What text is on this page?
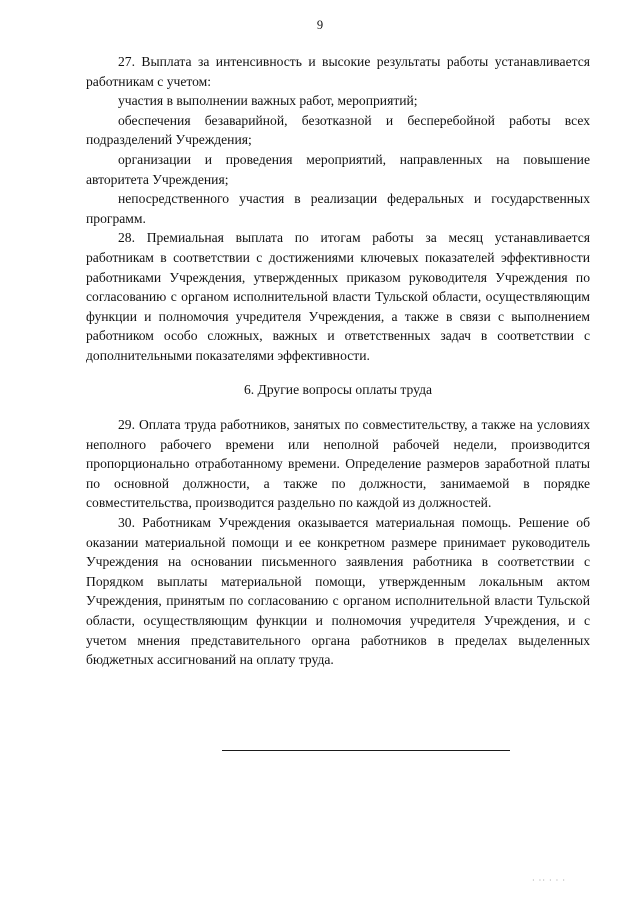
9

27. Выплата за интенсивность и высокие результаты работы устанавливается работникам с учетом:

участия в выполнении важных работ, мероприятий;

обеспечения безаварийной, безотказной и бесперебойной работы всех подразделений Учреждения;

организации и проведения мероприятий, направленных на повышение авторитета Учреждения;

непосредственного участия в реализации федеральных и государственных программ.

28. Премиальная выплата по итогам работы за месяц устанавливается работникам в соответствии с достижениями ключевых показателей эффективности работниками Учреждения, утвержденных приказом руководителя Учреждения по согласованию с органом исполнительной власти Тульской области, осуществляющим функции и полномочия учредителя Учреждения, а также в связи с выполнением работником особо сложных, важных и ответственных задач в соответствии с дополнительными показателями эффективности.

6. Другие вопросы оплаты труда

29. Оплата труда работников, занятых по совместительству, а также на условиях неполного рабочего времени или неполной рабочей недели, производится пропорционально отработанному времени. Определение размеров заработной платы по основной должности, а также по должности, занимаемой в порядке совместительства, производится раздельно по каждой из должностей.

30. Работникам Учреждения оказывается материальная помощь. Решение об оказании материальной помощи и ее конкретном размере принимает руководитель Учреждения на основании письменного заявления работника в соответствии с Порядком выплаты материальной помощи, утвержденным локальным актом Учреждения, принятым по согласованию с органом исполнительной власти Тульской области, осуществляющим функции и полномочия учредителя Учреждения, и с учетом мнения представительного органа работников в пределах выделенных бюджетных ассигнований на оплату труда.

· ·· · · ·
